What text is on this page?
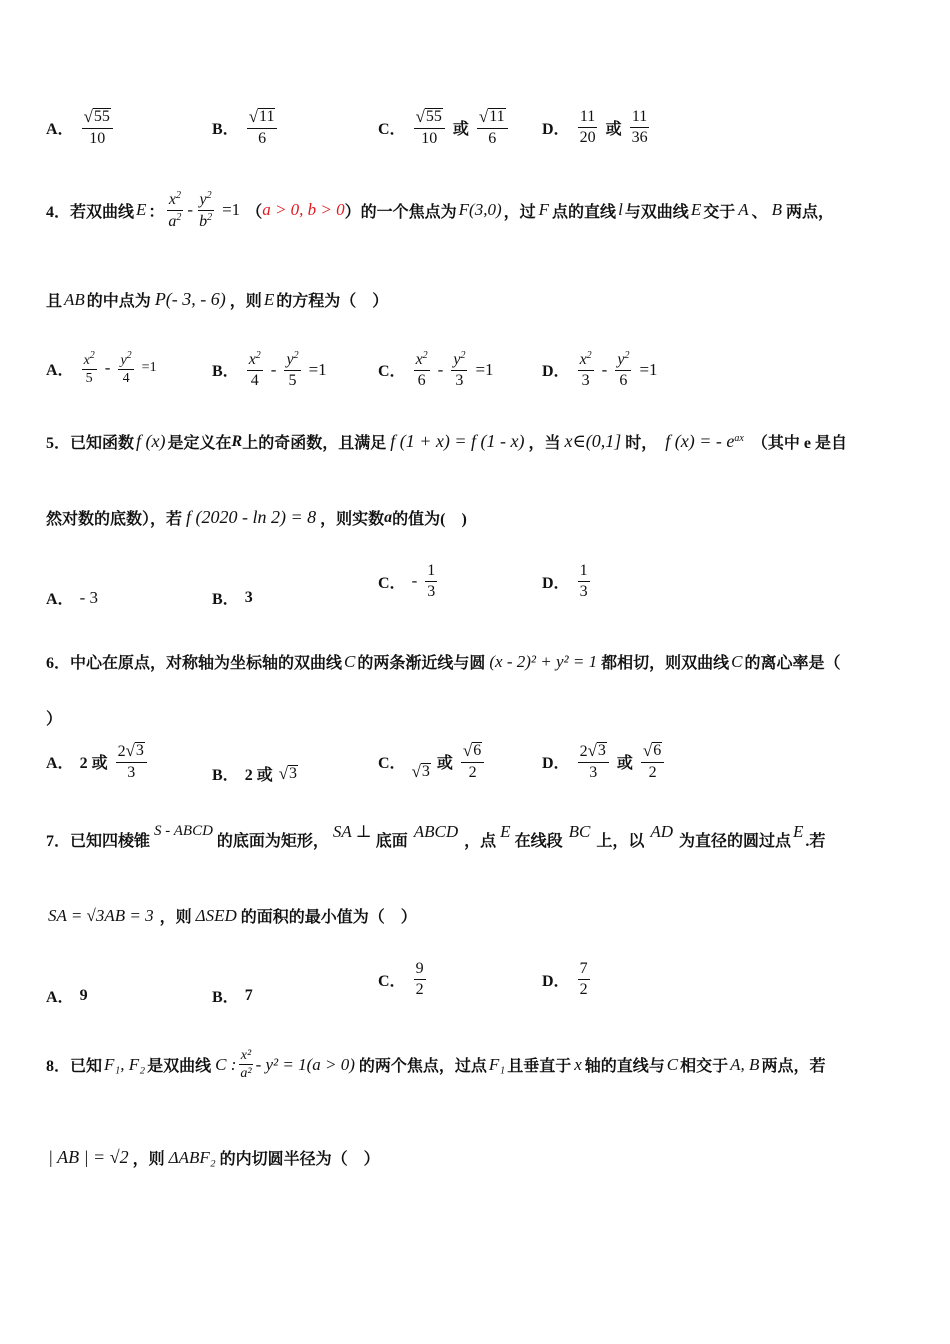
A． $\frac{√ 55}{10}$	B． $\frac{√ 11}{6}$	C． $\frac{√ 55}{10}$ 或 $\frac{√ 11}{6}$ D． $\frac{11}{20}$ 或 $\frac{11}{36}$
4．若双曲线 E ： $\frac{x^2}{a^2} - \frac{y^2}{b^2} =1$ （ a > 0, b > 0 ）的一个焦点为 F(3,0) ，过 F 点的直线 l 与双曲线 E 交于 A 、 B 两点，
且 AB 的中点为 P(- 3, - 6) ，则 E 的方程为（　）
A． $\frac{x^2}{5} - \frac{y^2}{4} =1$	B． $\frac{x^2}{4} - \frac{y^2}{5} =1$	C． $\frac{x^2}{6} - \frac{y^2}{3} =1$	D． $\frac{x^2}{3} - \frac{y^2}{6} =1$
5．已知函数 f (x) 是定义在 R 上的奇函数，且满足 f (1 + x) = f (1 - x) ，当 x∈(0,1] 时， f (x) = - $e^{ax}$ （其中 e 是自
然对数的底数），若 f (2020 - ln 2) = 8 ，则实数 a 的值为(　)
A． - 3	B． 3
C． - $\frac{1}{3}$	D． $\frac{1}{3}$
6．中心在原点，对称轴为坐标轴的双曲线 C 的两条渐近线与圆 (x - 2)² + y² = 1 都相切，则双曲线 C 的离心率是（
）
A． 2 或 $\frac{2 √ 3}{3}$	B． 2 或 √ 3
C． √ 3 或 $\frac{√ 6}{2}$	D． $\frac{2 √ 3}{3}$ 或 $\frac{√ 6}{2}$
7．已知四棱锥
S - ABCD
的底面为矩形，
SA ⊥
底面
ABCD
，点
E
在线段
BC
上，以
AD
为直径的圆过点
E
.若
SA = √3AB = 3 ，则 ΔSED 的面积的最小值为（　）
A． 9	B． 7
C． $\frac{9}{2}$	D． $\frac{7}{2}$
8．已知 F₁, F₂ 是双曲线 C : $\frac{\text{x²}}{\text{a²}} - y^2 = 1(a > 0)$ 的两个焦点，过点 F₁ 且垂直于 x 轴的直线与 C 相交于 A, B 两点，若
| AB | = √2 ，则 ΔABF₂ 的内切圆半径为（　）
